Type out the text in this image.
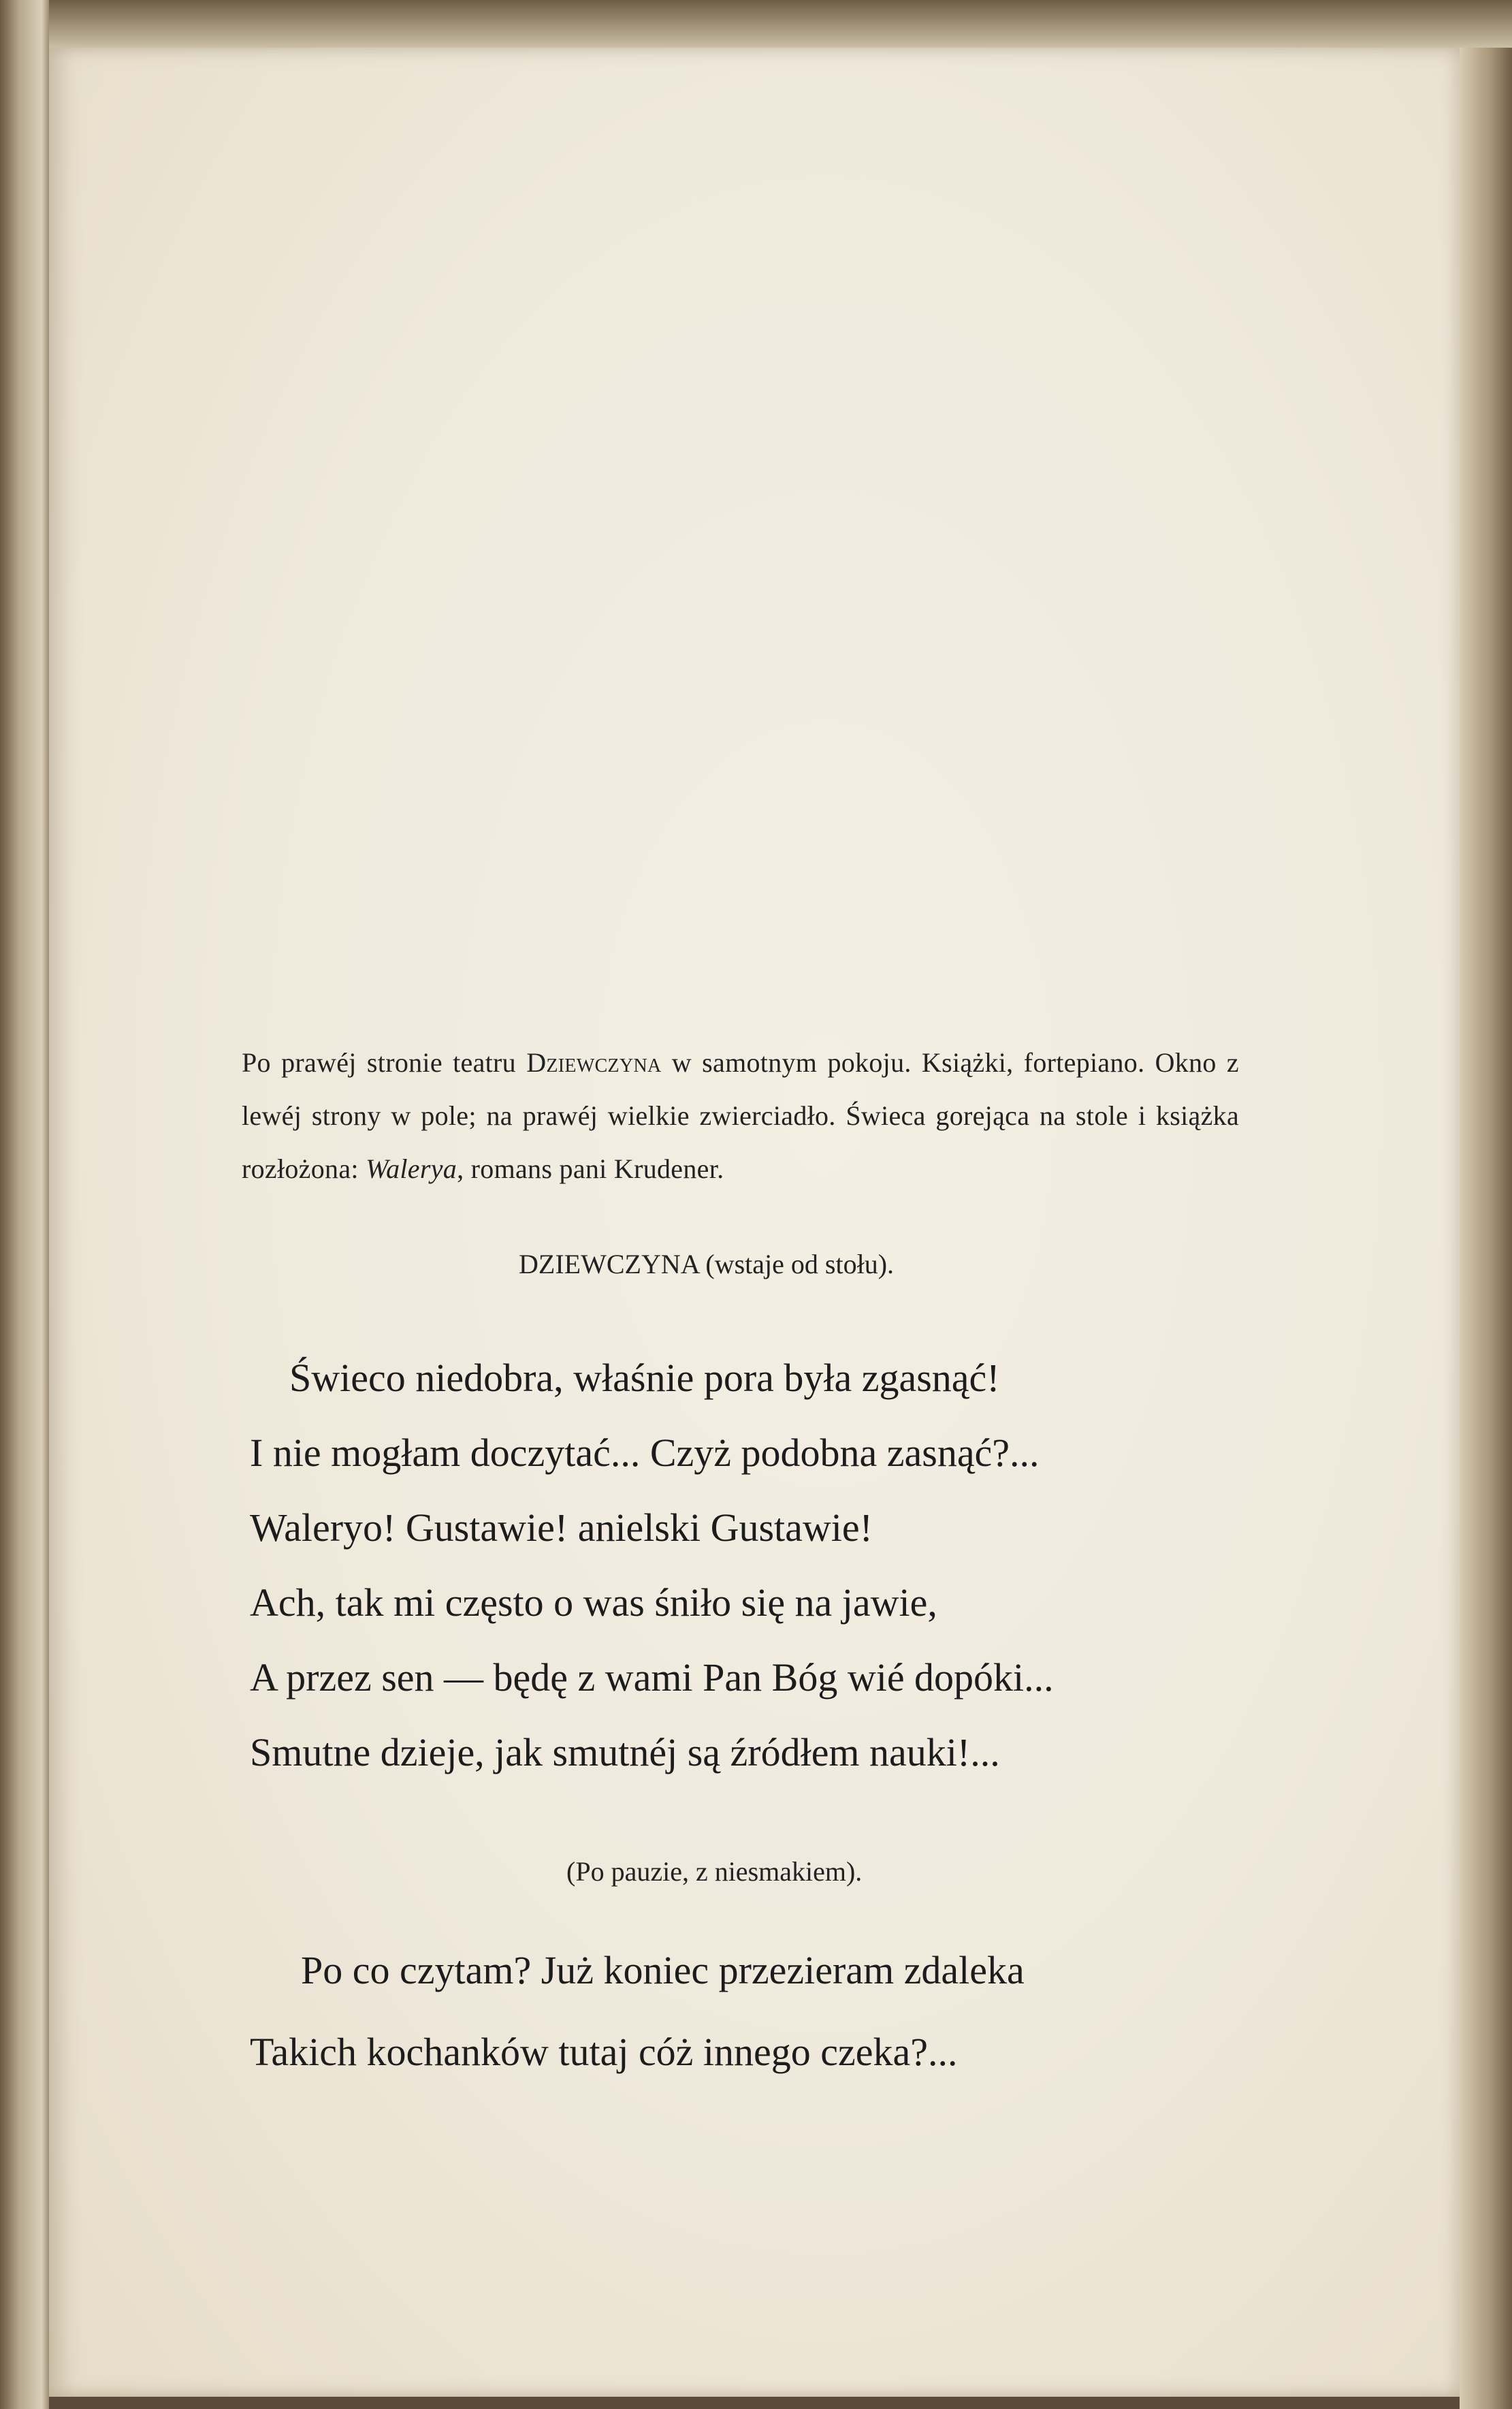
Po prawéj stronie teatru Dziewczyna w samotnym pokoju. Książki, fortepiano. Okno z lewéj strony w pole; na prawéj wielkie zwierciadło. Świeca gorejąca na stole i książka rozłożona: Walerya, romans pani Krudener.
DZIEWCZYNA (wstaje od stołu).
Świeco niedobra, właśnie pora była zgasnąć!
I nie mogłam doczytać... Czyż podobna zasnąć?...
Waleryo! Gustawie! anielski Gustawie!
Ach, tak mi często o was śniło się na jawie,
A przez sen — będę z wami Pan Bóg wié dopóki...
Smutne dzieje, jak smutnéj są źródłem nauki!...
(Po pauzie, z niesmakiem).
Po co czytam? Już koniec przezieram zdaleka
Takich kochanków tutaj cóż innego czeka?...
